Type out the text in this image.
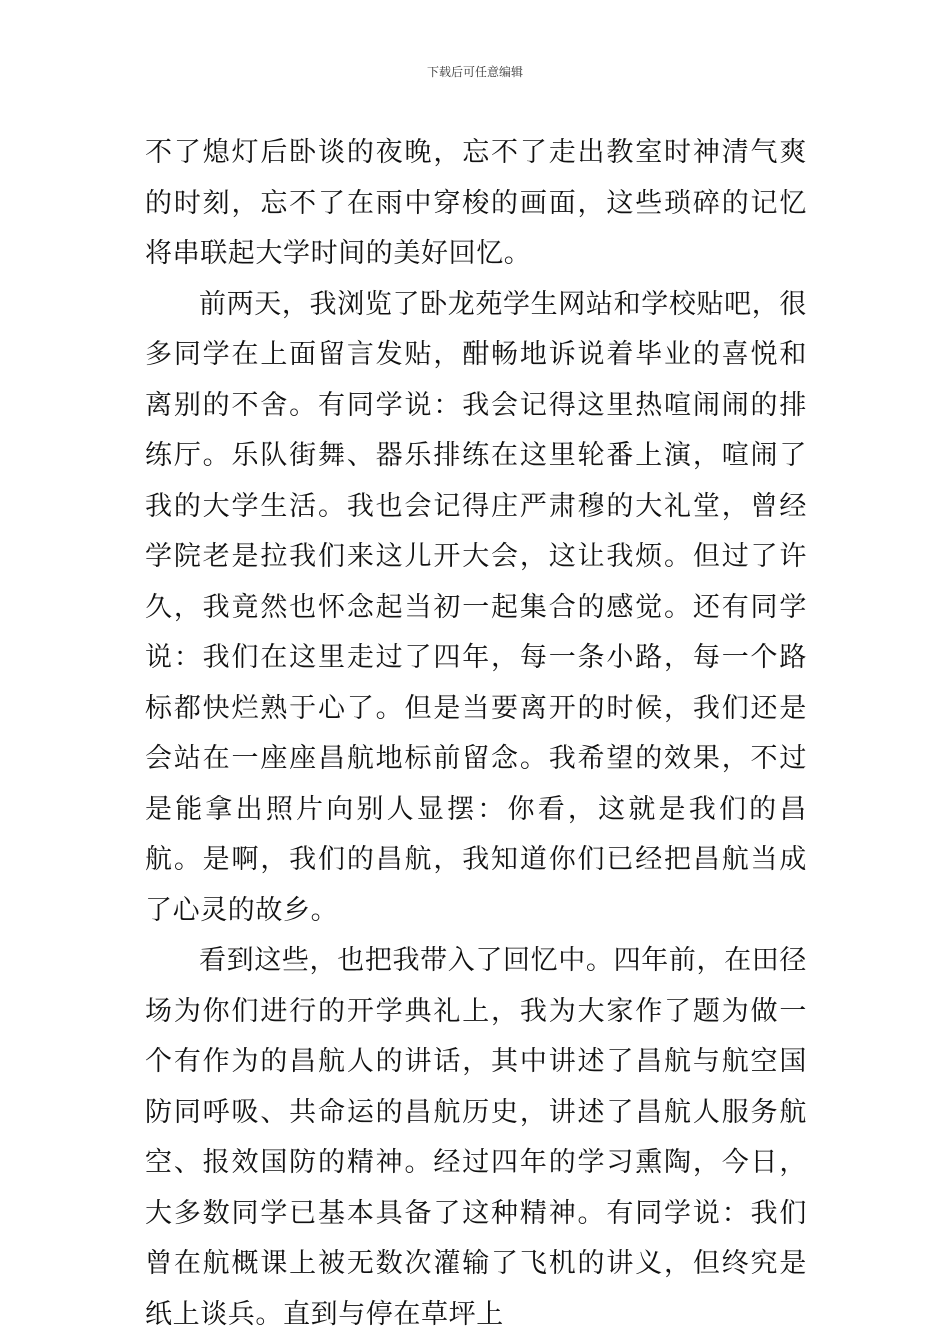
下载后可任意编辑

不了熄灯后卧谈的夜晚，忘不了走出教室时神清气爽的时刻，忘不了在雨中穿梭的画面，这些琐碎的记忆将串联起大学时间的美好回忆。

前两天，我浏览了卧龙苑学生网站和学校贴吧，很多同学在上面留言发贴，酣畅地诉说着毕业的喜悦和离别的不舍。有同学说：我会记得这里热喧闹闹的排练厅。乐队街舞、器乐排练在这里轮番上演，喧闹了我的大学生活。我也会记得庄严肃穆的大礼堂，曾经学院老是拉我们来这儿开大会，这让我烦。但过了许久，我竟然也怀念起当初一起集合的感觉。还有同学说：我们在这里走过了四年，每一条小路，每一个路标都快烂熟于心了。但是当要离开的时候，我们还是会站在一座座昌航地标前留念。我希望的效果，不过是能拿出照片向别人显摆：你看，这就是我们的昌航。是啊，我们的昌航，我知道你们已经把昌航当成了心灵的故乡。

看到这些，也把我带入了回忆中。四年前，在田径场为你们进行的开学典礼上，我为大家作了题为做一个有作为的昌航人的讲话，其中讲述了昌航与航空国防同呼吸、共命运的昌航历史，讲述了昌航人服务航空、报效国防的精神。经过四年的学习熏陶，今日，大多数同学已基本具备了这种精神。有同学说：我们曾在航概课上被无数次灌输了飞机的讲义，但终究是纸上谈兵。直到与停在草坪上
